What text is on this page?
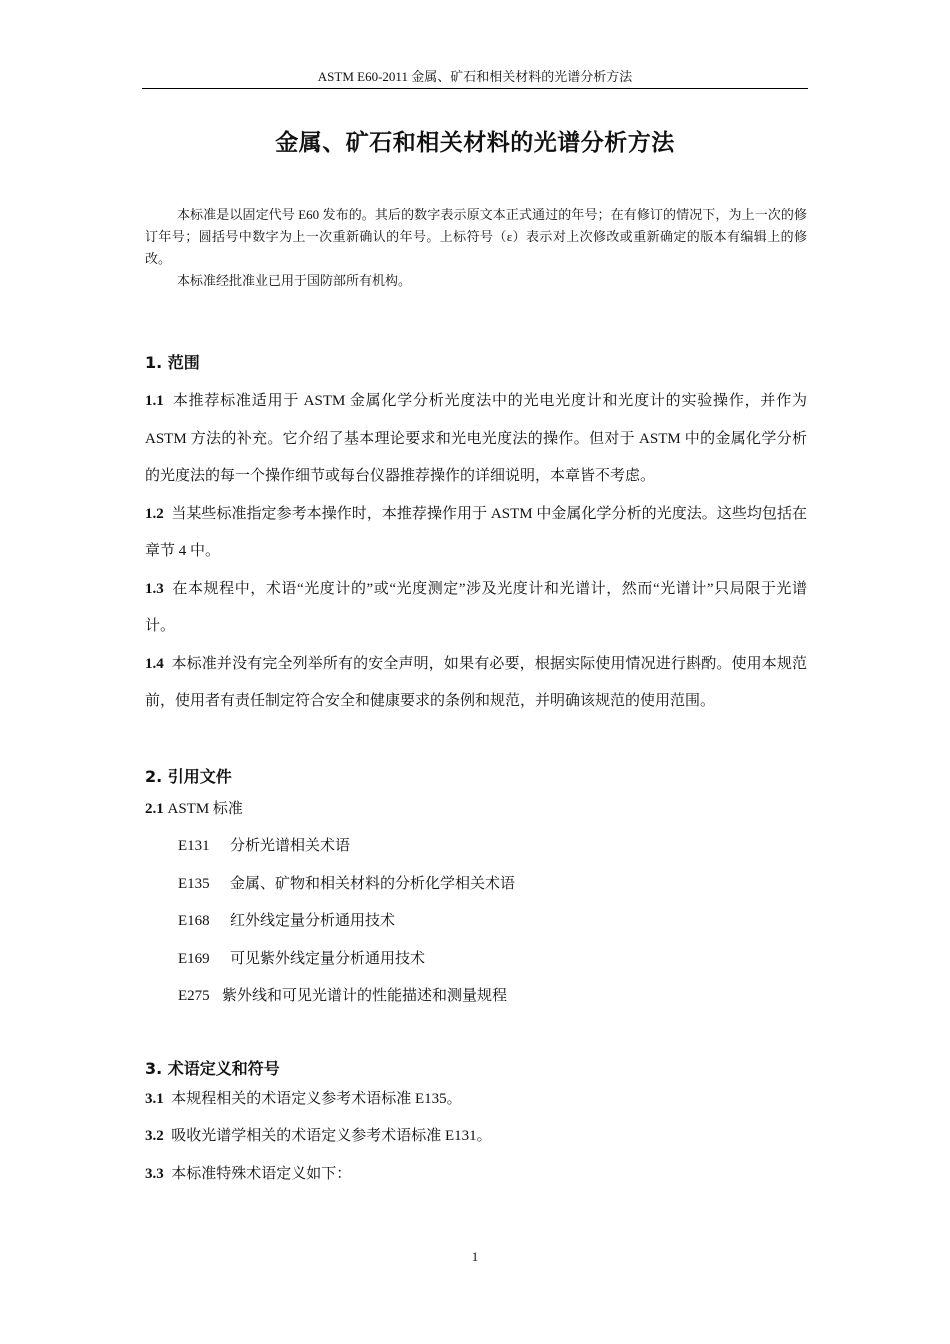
ASTM E60-2011 金属、矿石和相关材料的光谱分析方法
金属、矿石和相关材料的光谱分析方法

本标准是以固定代号 E60 发布的。其后的数字表示原文本正式通过的年号；在有修订的情况下，为上一次的修订年号；圆括号中数字为上一次重新确认的年号。上标符号（ε）表示对上次修改或重新确定的版本有编辑上的修改。

本标准经批准业已用于国防部所有机构。

1. 范围

1.1 本推荐标准适用于 ASTM 金属化学分析光度法中的光电光度计和光度计的实验操作，并作为 ASTM 方法的补充。它介绍了基本理论要求和光电光度法的操作。但对于 ASTM 中的金属化学分析的光度法的每一个操作细节或每台仪器推荐操作的详细说明，本章皆不考虑。

1.2 当某些标准指定参考本操作时，本推荐操作用于 ASTM 中金属化学分析的光度法。这些均包括在章节 4 中。

1.3 在本规程中，术语“光度计的”或“光度测定”涉及光度计和光谱计，然而“光谱计”只局限于光谱计。

1.4 本标准并没有完全列举所有的安全声明，如果有必要，根据实际使用情况进行斟酌。使用本规范前，使用者有责任制定符合安全和健康要求的条例和规范，并明确该规范的使用范围。

2. 引用文件

2.1 ASTM 标准

E131 分析光谱相关术语

E135 金属、矿物和相关材料的分析化学相关术语

E168 红外线定量分析通用技术

E169 可见紫外线定量分析通用技术

E275 紫外线和可见光谱计的性能描述和测量规程

3. 术语定义和符号

3.1 本规程相关的术语定义参考术语标准 E135。

3.2 吸收光谱学相关的术语定义参考术语标准 E131。

3.3 本标准特殊术语定义如下：

1
